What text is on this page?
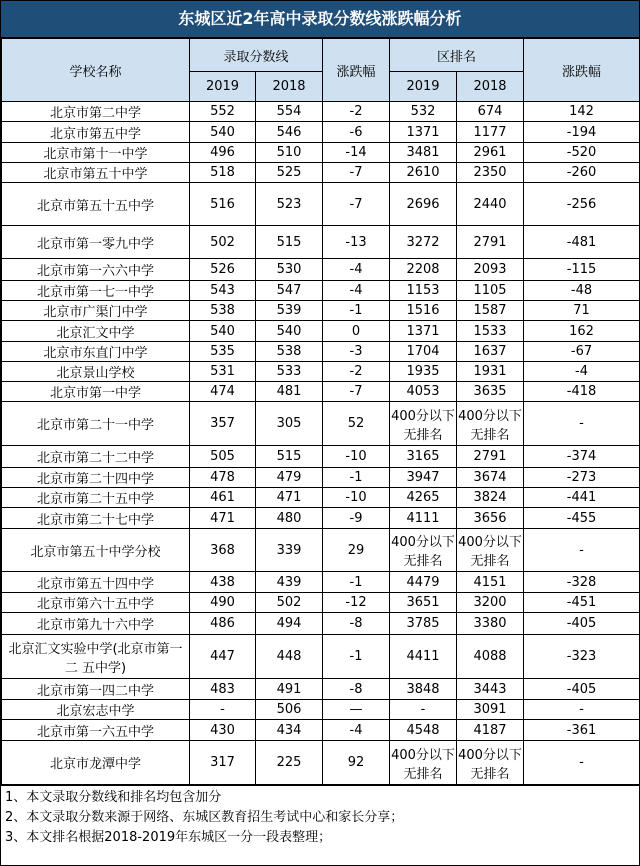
东城区近2年高中录取分数线涨跌幅分析
学校名称	录取分数线		涨跌幅	区排名		涨跌幅
	2019	2018		2019	2018	
北京市第二中学	552	554	-2	532	674	142
北京市第五中学	540	546	-6	1371	1177	-194
北京市第十一中学	496	510	-14	3481	2961	-520
北京市第五十中学	518	525	-7	2610	2350	-260
北京市第五十五中学	516	523	-7	2696	2440	-256
北京市第一零九中学	502	515	-13	3272	2791	-481
北京市第一六六中学	526	530	-4	2208	2093	-115
北京市第一七一中学	543	547	-4	1153	1105	-48
北京市广渠门中学	538	539	-1	1516	1587	71
北京汇文中学	540	540	0	1371	1533	162
北京市东直门中学	535	538	-3	1704	1637	-67
北京景山学校	531	533	-2	1935	1931	-4
北京市第一中学	474	481	-7	4053	3635	-418
北京市第二十一中学	357	305	52	400分以下无排名	400分以下无排名	-
北京市第二十二中学	505	515	-10	3165	2791	-374
北京市第二十四中学	478	479	-1	3947	3674	-273
北京市第二十五中学	461	471	-10	4265	3824	-441
北京市第二十七中学	471	480	-9	4111	3656	-455
北京市第五十中学分校	368	339	29	400分以下无排名	400分以下无排名	-
北京市第五十四中学	438	439	-1	4479	4151	-328
北京市第六十五中学	490	502	-12	3651	3200	-451
北京市第九十六中学	486	494	-8	3785	3380	-405
北京汇文实验中学(北京市第一二 五中学)	447	448	-1	4411	4088	-323
北京市第一四二中学	483	491	-8	3848	3443	-405
北京宏志中学	-	506	—	-	3091	-
北京市第一六五中学	430	434	-4	4548	4187	-361
北京市龙潭中学	317	225	92	400分以下无排名	400分以下无排名	-
1、本文录取分数线和排名均包含加分
2、本文录取分数来源于网络、东城区教育招生考试中心和家长分享；
3、本文排名根据2018-2019年东城区一分一段表整理；
